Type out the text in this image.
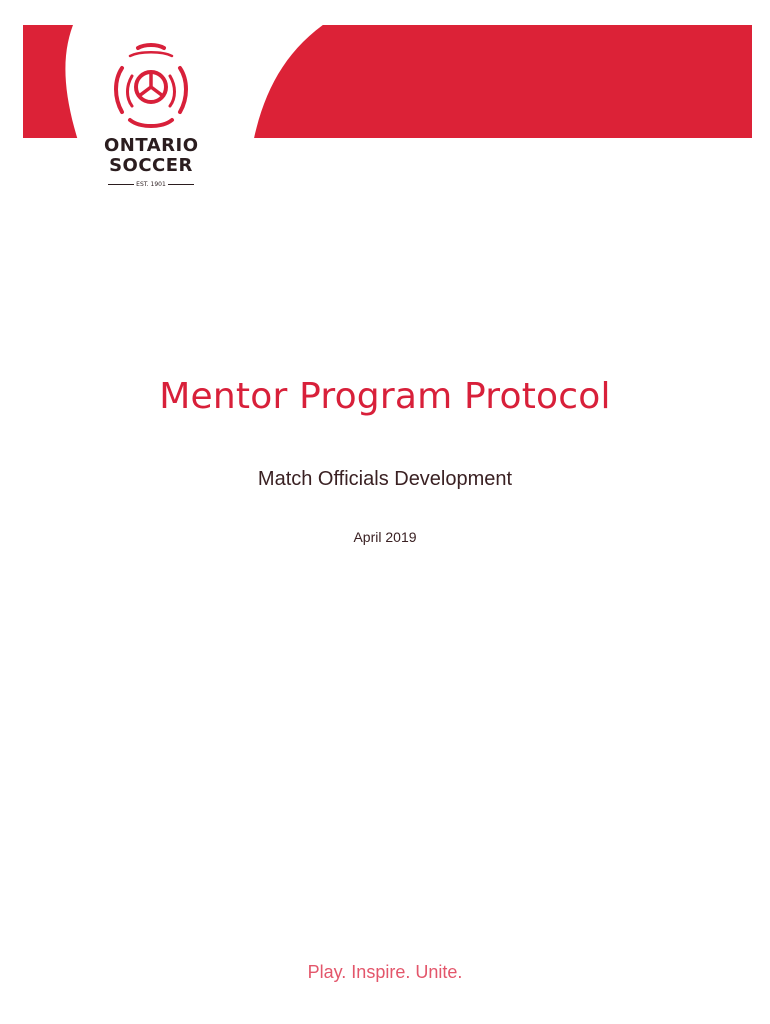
ONTARIO
SOCCER
EST. 1901
Mentor Program Protocol
Match Officials Development
April 2019
Play. Inspire. Unite.
